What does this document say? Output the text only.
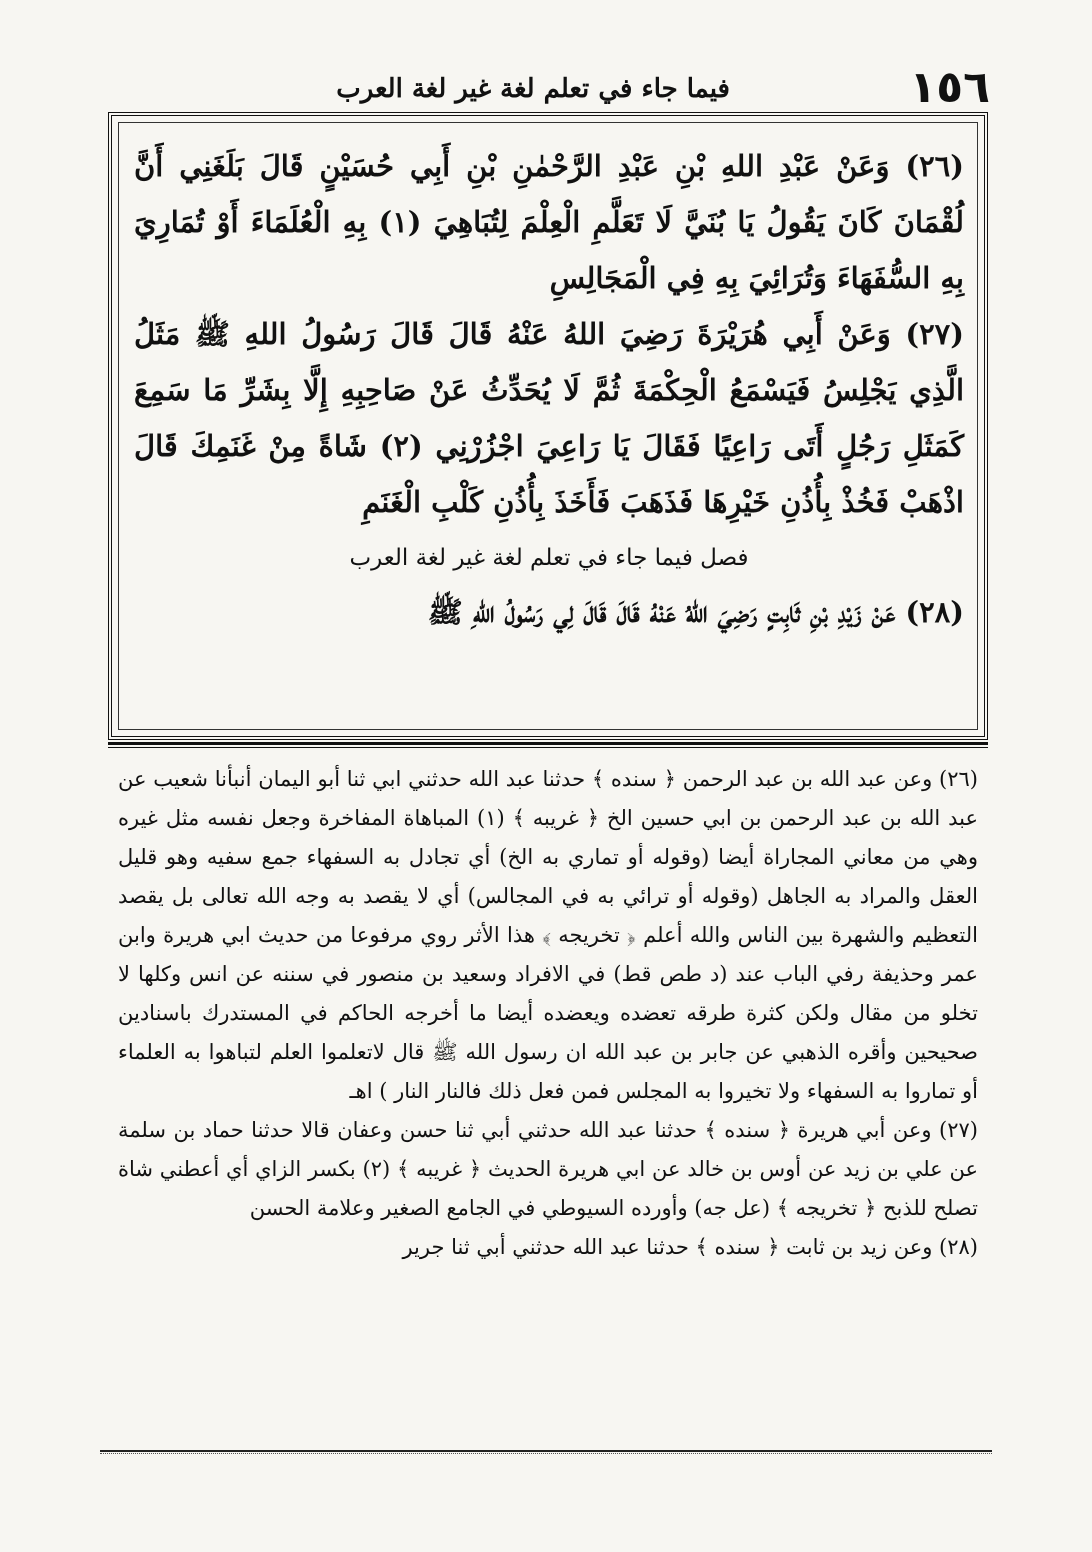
١٥٦
فيما جاء في تعلم لغة غير لغة العرب

(٢٦) وَعَنْ عَبْدِ اللهِ بْنِ عَبْدِ الرَّحْمٰنِ بْنِ أَبِي حُسَيْنٍ قَالَ بَلَغَنِي أَنَّ لُقْمَانَ كَانَ يَقُولُ يَا بُنَيَّ لَا تَعَلَّمِ الْعِلْمَ لِتُبَاهِيَ (١) بِهِ الْعُلَمَاءَ أَوْ تُمَارِيَ بِهِ السُّفَهَاءَ وَتُرَائِيَ بِهِ فِي الْمَجَالِسِ

(٢٧) وَعَنْ أَبِي هُرَيْرَةَ رَضِيَ اللهُ عَنْهُ قَالَ قَالَ رَسُولُ اللهِ ﷺ مَثَلُ الَّذِي يَجْلِسُ فَيَسْمَعُ الْحِكْمَةَ ثُمَّ لَا يُحَدِّثُ عَنْ صَاحِبِهِ إِلَّا بِشَرِّ مَا سَمِعَ كَمَثَلِ رَجُلٍ أَتَى رَاعِيًا فَقَالَ يَا رَاعِيَ اجْزُرْنِي (٢) شَاةً مِنْ غَنَمِكَ قَالَ اذْهَبْ فَخُذْ بِأُذُنِ خَيْرِهَا فَذَهَبَ فَأَخَذَ بِأُذُنِ كَلْبِ الْغَنَمِ

فصل فيما جاء في تعلم لغة غير لغة العرب

(٢٨) عَنْ زَيْدِ بْنِ ثَابِتٍ رَضِيَ اللهُ عَنْهُ قَالَ قَالَ لِي رَسُولُ اللهِ ﷺ

(٢٦) وعن عبد الله بن عبد الرحمن ﴿ سنده ﴾ حدثنا عبد الله حدثني ابي ثنا أبو اليمان أنبأنا شعيب عن عبد الله بن عبد الرحمن بن ابي حسين الخ ﴿ غريبه ﴾ (١) المباهاة المفاخرة وجعل نفسه مثل غيره وهي من معاني المجاراة أيضا (وقوله أو تماري به الخ) أي تجادل به السفهاء جمع سفيه وهو قليل العقل والمراد به الجاهل (وقوله أو ترائي به في المجالس) أي لا يقصد به وجه الله تعالى بل يقصد التعظيم والشهرة بين الناس والله أعلم ﴿ تخريجه ﴾ هذا الأثر روي مرفوعا من حديث ابي هريرة وابن عمر وحذيفة رفي الباب عند (د طص قط) في الافراد وسعيد بن منصور في سننه عن انس وكلها لا تخلو من مقال ولكن كثرة طرقه تعضده ويعضده أيضا ما أخرجه الحاكم في المستدرك باسنادين صحيحين وأقره الذهبي عن جابر بن عبد الله ان رسول الله ﷺ قال لاتعلموا العلم لتباهوا به العلماء أو تماروا به السفهاء ولا تخيروا به المجلس فمن فعل ذلك فالنار النار ) اهـ

(٢٧) وعن أبي هريرة ﴿ سنده ﴾ حدثنا عبد الله حدثني أبي ثنا حسن وعفان قالا حدثنا حماد بن سلمة عن علي بن زيد عن أوس بن خالد عن ابي هريرة الحديث ﴿ غريبه ﴾ (٢) بكسر الزاي أي أعطني شاة تصلح للذبح ﴿ تخريجه ﴾ (عل جه) وأورده السيوطي في الجامع الصغير وعلامة الحسن

(٢٨) وعن زيد بن ثابت ﴿ سنده ﴾ حدثنا عبد الله حدثني أبي ثنا جرير
